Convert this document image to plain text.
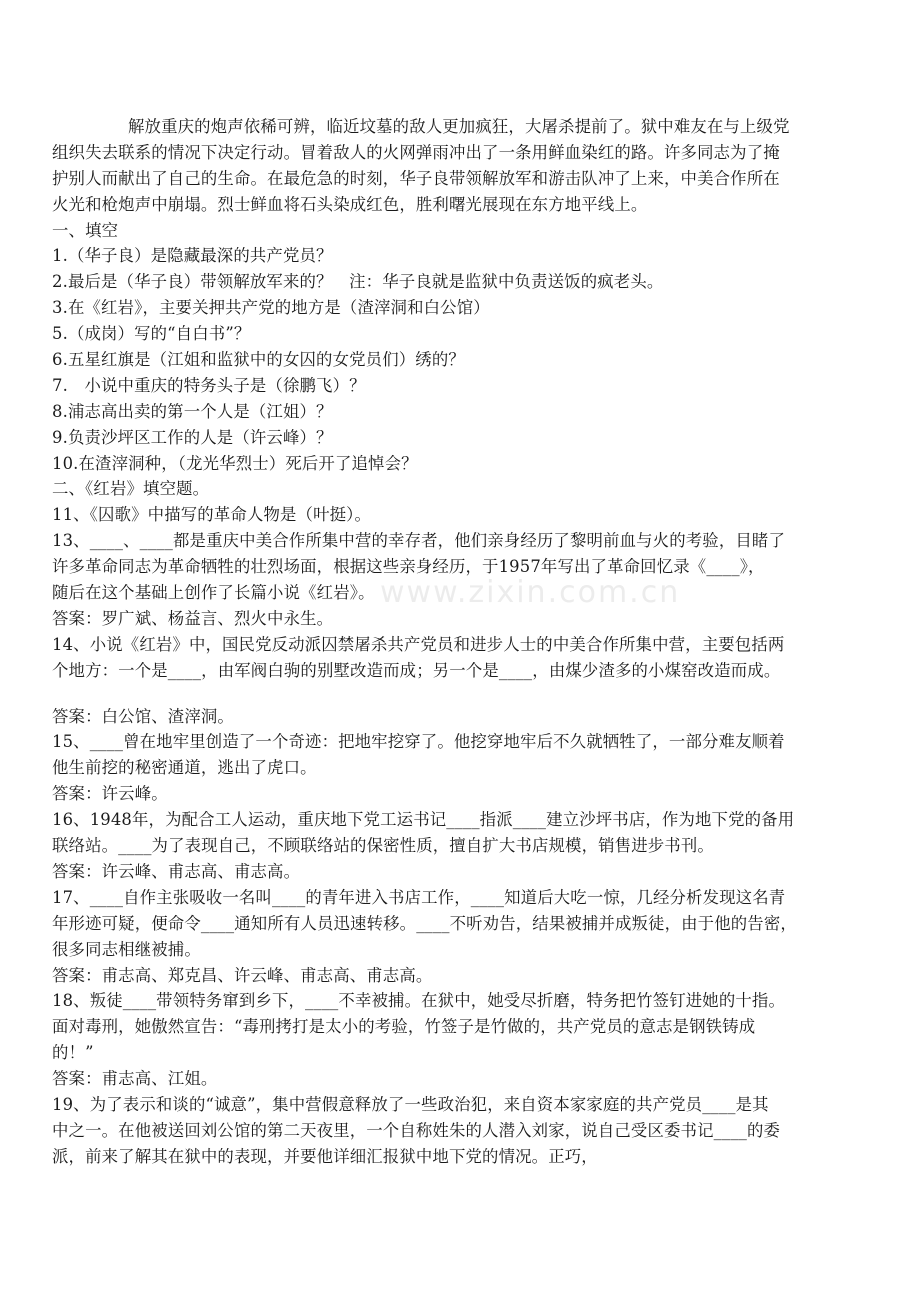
www.zixin.com.cn
解放重庆的炮声依稀可辨，临近坟墓的敌人更加疯狂，大屠杀提前了。狱中难友在与上级党
组织失去联系的情况下决定行动。冒着敌人的火网弹雨冲出了一条用鲜血染红的路。许多同志为了掩
护别人而献出了自己的生命。在最危急的时刻，华子良带领解放军和游击队冲了上来，中美合作所在
火光和枪炮声中崩塌。烈士鲜血将石头染成红色，胜利曙光展现在东方地平线上。
一、填空
1.（华子良）是隐藏最深的共产党员？
2.最后是（华子良）带领解放军来的？　注：华子良就是监狱中负责送饭的疯老头。
3.在《红岩》，主要关押共产党的地方是（渣滓洞和白公馆）
5.（成岗）写的“自白书”？
6.五星红旗是（江姐和监狱中的女囚的女党员们）绣的？
7.　小说中重庆的特务头子是（徐鹏飞）？
8.浦志高出卖的第一个人是（江姐）？
9.负责沙坪区工作的人是（许云峰）？
10.在渣滓洞种，（龙光华烈士）死后开了追悼会？
二、《红岩》填空题。
11、《囚歌》中描写的革命人物是（叶挺）。
13、____、____都是重庆中美合作所集中营的幸存者，他们亲身经历了黎明前血与火的考验，目睹了
许多革命同志为革命牺牲的壮烈场面，根据这些亲身经历，于1957年写出了革命回忆录《____》，
随后在这个基础上创作了长篇小说《红岩》。
答案：罗广斌、杨益言、烈火中永生。
14、小说《红岩》中，国民党反动派囚禁屠杀共产党员和进步人士的中美合作所集中营，主要包括两
个地方：一个是____，由军阀白驹的别墅改造而成；另一个是____，由煤少渣多的小煤窑改造而成。
答案：白公馆、渣滓洞。
15、____曾在地牢里创造了一个奇迹：把地牢挖穿了。他挖穿地牢后不久就牺牲了，一部分难友顺着
他生前挖的秘密通道，逃出了虎口。
答案：许云峰。
16、1948年，为配合工人运动，重庆地下党工运书记____指派____建立沙坪书店，作为地下党的备用
联络站。____为了表现自己，不顾联络站的保密性质，擅自扩大书店规模，销售进步书刊。
答案：许云峰、甫志高、甫志高。
17、____自作主张吸收一名叫____的青年进入书店工作，____知道后大吃一惊，几经分析发现这名青
年形迹可疑，便命令____通知所有人员迅速转移。____不听劝告，结果被捕并成叛徒，由于他的告密，
很多同志相继被捕。
答案：甫志高、郑克昌、许云峰、甫志高、甫志高。
18、叛徒____带领特务窜到乡下，____不幸被捕。在狱中，她受尽折磨，特务把竹签钉进她的十指。
面对毒刑，她傲然宣告：“毒刑拷打是太小的考验，竹签子是竹做的，共产党员的意志是钢铁铸成
的！”
答案：甫志高、江姐。
19、为了表示和谈的“诚意”，集中营假意释放了一些政治犯，来自资本家家庭的共产党员____是其
中之一。在他被送回刘公馆的第二天夜里，一个自称姓朱的人潜入刘家，说自己受区委书记____的委
派，前来了解其在狱中的表现，并要他详细汇报狱中地下党的情况。正巧，
